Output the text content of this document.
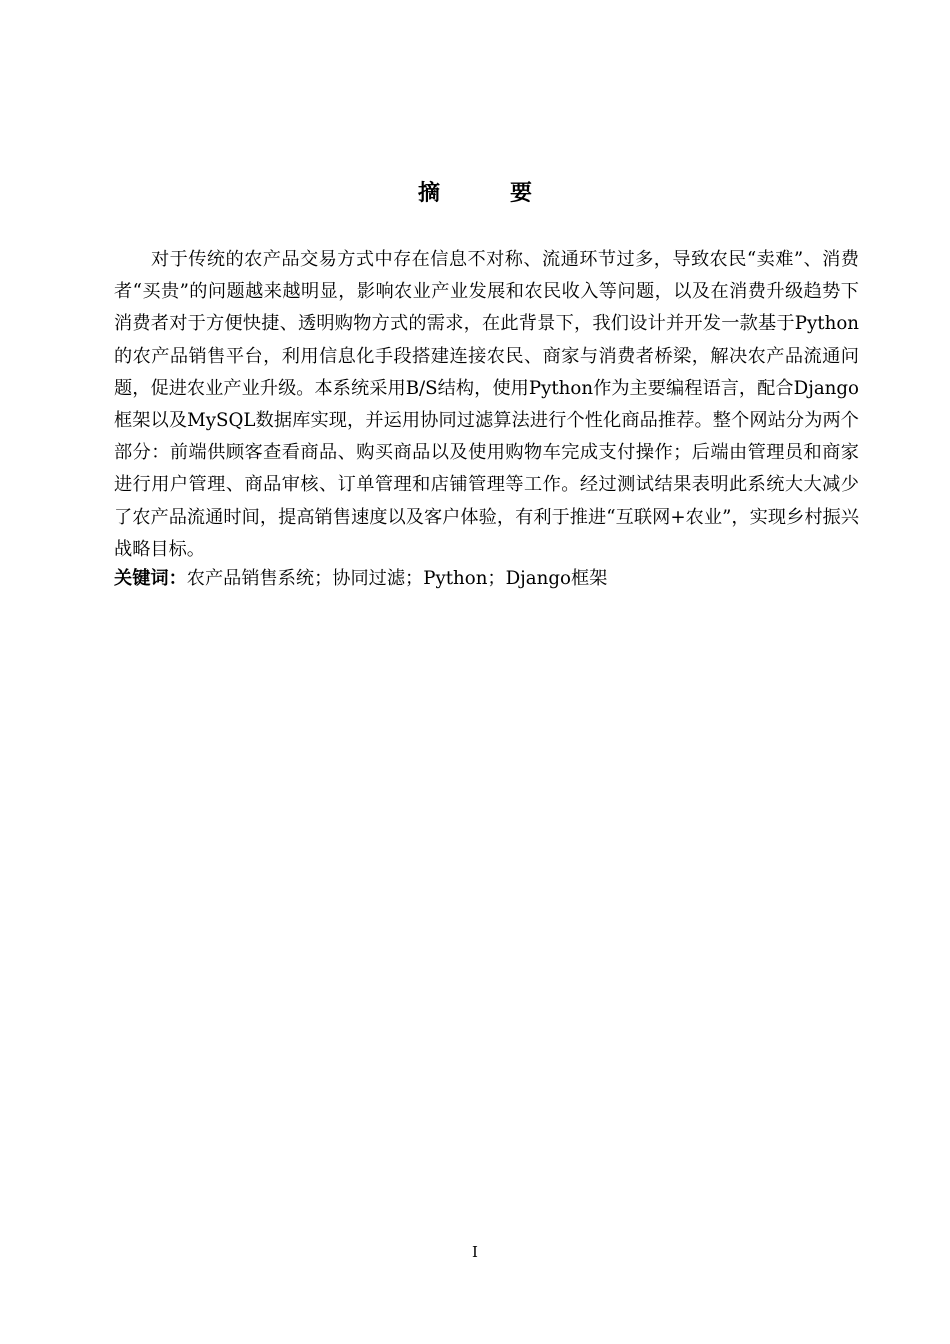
摘　要

对于传统的农产品交易方式中存在信息不对称、流通环节过多，导致农民“卖难”、消费者“买贵”的问题越来越明显，影响农业产业发展和农民收入等问题，以及在消费升级趋势下消费者对于方便快捷、透明购物方式的需求，在此背景下，我们设计并开发一款基于Python的农产品销售平台，利用信息化手段搭建连接农民、商家与消费者桥梁，解决农产品流通问题，促进农业产业升级。本系统采用B/S结构，使用Python作为主要编程语言，配合Django框架以及MySQL数据库实现，并运用协同过滤算法进行个性化商品推荐。整个网站分为两个部分：前端供顾客查看商品、购买商品以及使用购物车完成支付操作；后端由管理员和商家进行用户管理、商品审核、订单管理和店铺管理等工作。经过测试结果表明此系统大大减少了农产品流通时间，提高销售速度以及客户体验，有利于推进“互联网+农业”，实现乡村振兴战略目标。

关键词：农产品销售系统；协同过滤；Python；Django框架

I
